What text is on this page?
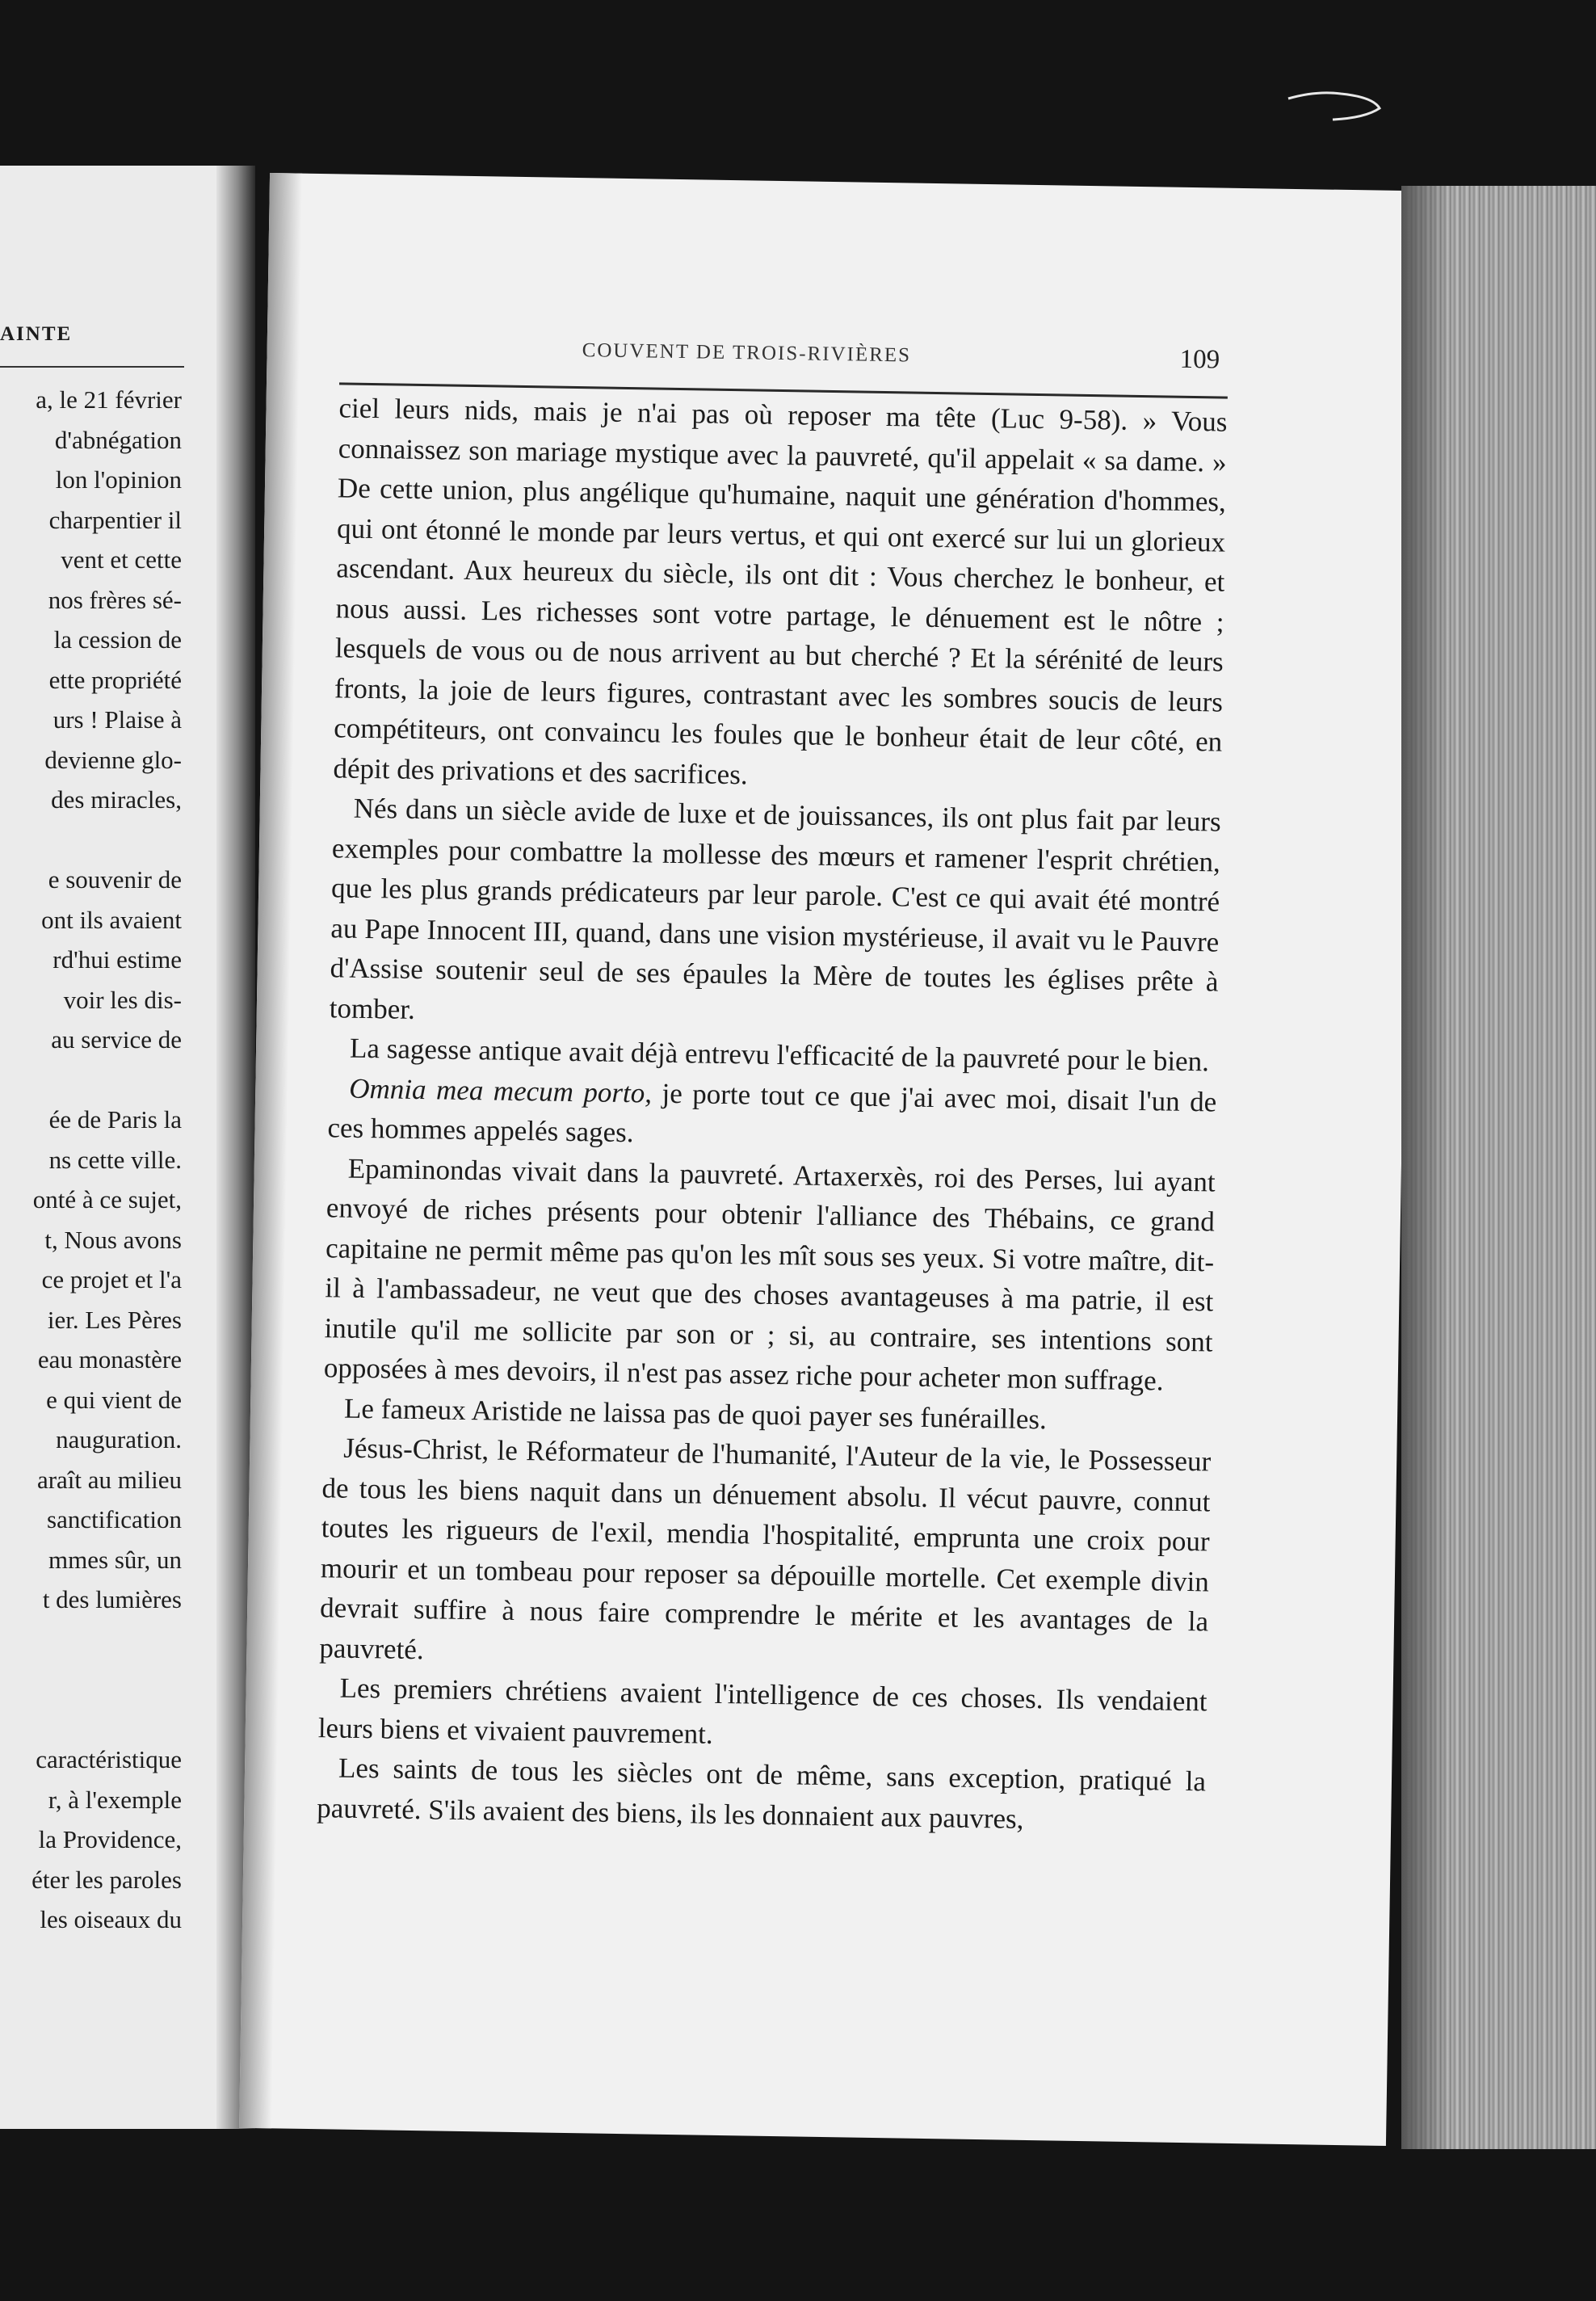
AINTE
a, le 21 février
d'abnégation
lon l'opinion
charpentier il
vent et cette
nos frères sé-
la cession de
ette propriété
urs ! Plaise à
devienne glo-
des miracles,
e souvenir de
ont ils avaient
rd'hui estime
voir les dis-
au service de
ée de Paris la
ns cette ville.
onté à ce sujet,
t, Nous avons
ce projet et l'a
ier. Les Pères
eau monastère
e qui vient de
nauguration.
araît au milieu
sanctification
mmes sûr, un
t des lumières
caractéristique
r, à l'exemple
la Providence,
éter les paroles
les oiseaux du
COUVENT DE TROIS-RIVIÈRES	109

ciel leurs nids, mais je n'ai pas où reposer ma tête (Luc 9-58). » Vous connaissez son mariage mystique avec la pauvreté, qu'il appelait « sa dame. » De cette union, plus angélique qu'humaine, naquit une génération d'hommes, qui ont étonné le monde par leurs vertus, et qui ont exercé sur lui un glorieux ascendant. Aux heureux du siècle, ils ont dit : Vous cherchez le bonheur, et nous aussi. Les richesses sont votre partage, le dénuement est le nôtre ; lesquels de vous ou de nous arrivent au but cherché ? Et la sérénité de leurs fronts, la joie de leurs figures, contrastant avec les sombres soucis de leurs compétiteurs, ont convaincu les foules que le bonheur était de leur côté, en dépit des privations et des sacrifices.

Nés dans un siècle avide de luxe et de jouissances, ils ont plus fait par leurs exemples pour combattre la mollesse des mœurs et ramener l'esprit chrétien, que les plus grands prédicateurs par leur parole. C'est ce qui avait été montré au Pape Innocent III, quand, dans une vision mystérieuse, il avait vu le Pauvre d'Assise soutenir seul de ses épaules la Mère de toutes les églises prête à tomber.

La sagesse antique avait déjà entrevu l'efficacité de la pauvreté pour le bien.

Omnia mea mecum porto, je porte tout ce que j'ai avec moi, disait l'un de ces hommes appelés sages.

Epaminondas vivait dans la pauvreté. Artaxerxès, roi des Perses, lui ayant envoyé de riches présents pour obtenir l'alliance des Thébains, ce grand capitaine ne permit même pas qu'on les mît sous ses yeux. Si votre maître, dit-il à l'ambassadeur, ne veut que des choses avantageuses à ma patrie, il est inutile qu'il me sollicite par son or ; si, au contraire, ses intentions sont opposées à mes devoirs, il n'est pas assez riche pour acheter mon suffrage.

Le fameux Aristide ne laissa pas de quoi payer ses funérailles.

Jésus-Christ, le Réformateur de l'humanité, l'Auteur de la vie, le Possesseur de tous les biens naquit dans un dénuement absolu. Il vécut pauvre, connut toutes les rigueurs de l'exil, mendia l'hospitalité, emprunta une croix pour mourir et un tombeau pour reposer sa dépouille mortelle. Cet exemple divin devrait suffire à nous faire comprendre le mérite et les avantages de la pauvreté.

Les premiers chrétiens avaient l'intelligence de ces choses. Ils vendaient leurs biens et vivaient pauvrement.

Les saints de tous les siècles ont de même, sans exception, pratiqué la pauvreté. S'ils avaient des biens, ils les donnaient aux pauvres,
